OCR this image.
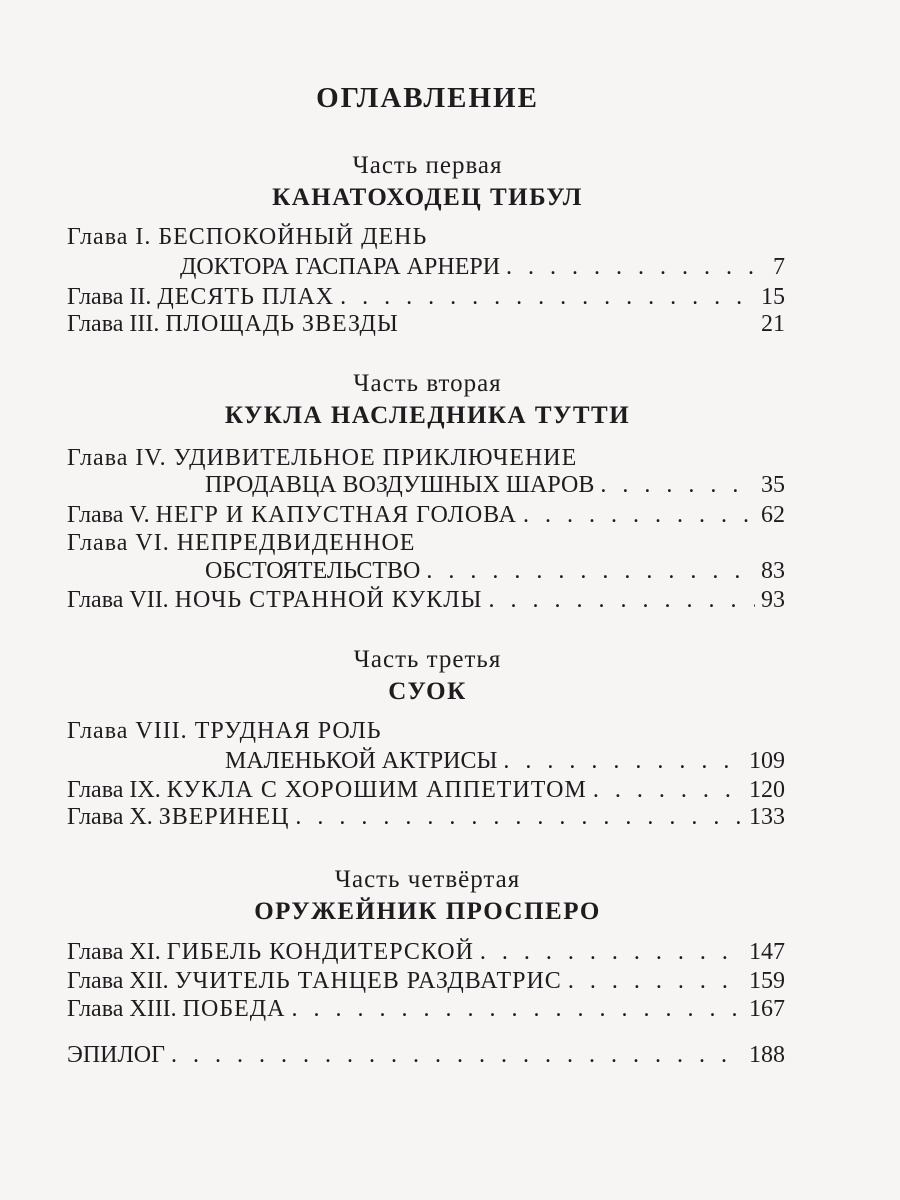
ОГЛАВЛЕНИЕ
Часть первая
КАНАТОХОДЕЦ ТИБУЛ
Глава I. БЕСПОКОЙНЫЙ ДЕНЬ
ДОКТОРА ГАСПАРА АРНЕРИ . . .	7
Глава II. ДЕСЯТЬ ПЛАХ . . .	15
Глава III. ПЛОЩАДЬ ЗВЕЗДЫ	21
Часть вторая
КУКЛА НАСЛЕДНИКА ТУТТИ
Глава IV. УДИВИТЕЛЬНОЕ ПРИКЛЮЧЕНИЕ
ПРОДАВЦА ВОЗДУШНЫХ ШАРОВ . . .	35
Глава V. НЕГР И КАПУСТНАЯ ГОЛОВА . . .	62
Глава VI. НЕПРЕДВИДЕННОЕ
ОБСТОЯТЕЛЬСТВО . . .	83
Глава VII. НОЧЬ СТРАННОЙ КУКЛЫ . . .	93
Часть третья
СУОК
Глава VIII. ТРУДНАЯ РОЛЬ
МАЛЕНЬКОЙ АКТРИСЫ . . .	109
Глава IX. КУКЛА С ХОРОШИМ АППЕТИТОМ . . .	120
Глава X. ЗВЕРИНЕЦ . . .	133
Часть четвёртая
ОРУЖЕЙНИК ПРОСПЕРО
Глава XI. ГИБЕЛЬ КОНДИТЕРСКОЙ . . .	147
Глава XII. УЧИТЕЛЬ ТАНЦЕВ РАЗДВАТРИС . . .	159
Глава XIII. ПОБЕДА . . .	167
ЭПИЛОГ . . .	188
